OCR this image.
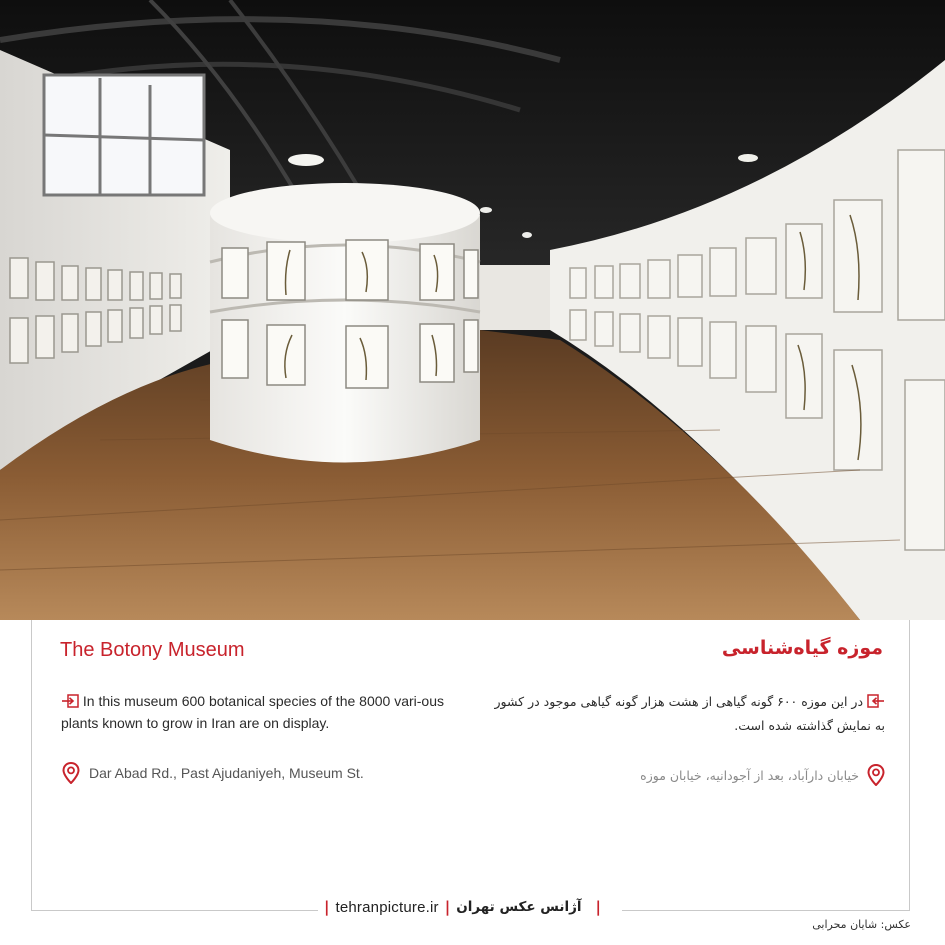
The Botony Museum	موزه گیاه‌شناسی
In this museum 600 botanical species of the 8000 vari-ous plants known to grow in Iran are on display.
در این موزه ۶۰۰ گونه گیاهی از هشت هزار گونه گیاهی موجود در کشور به نمایش گذاشته شده است.
Dar Abad Rd., Past Ajudaniyeh, Museum St.	خیابان دارآباد، بعد از آجودانیه، خیابان موزه
| tehranpicture.ir | آژانس عکس تهران |
عکس: شایان محرابی
